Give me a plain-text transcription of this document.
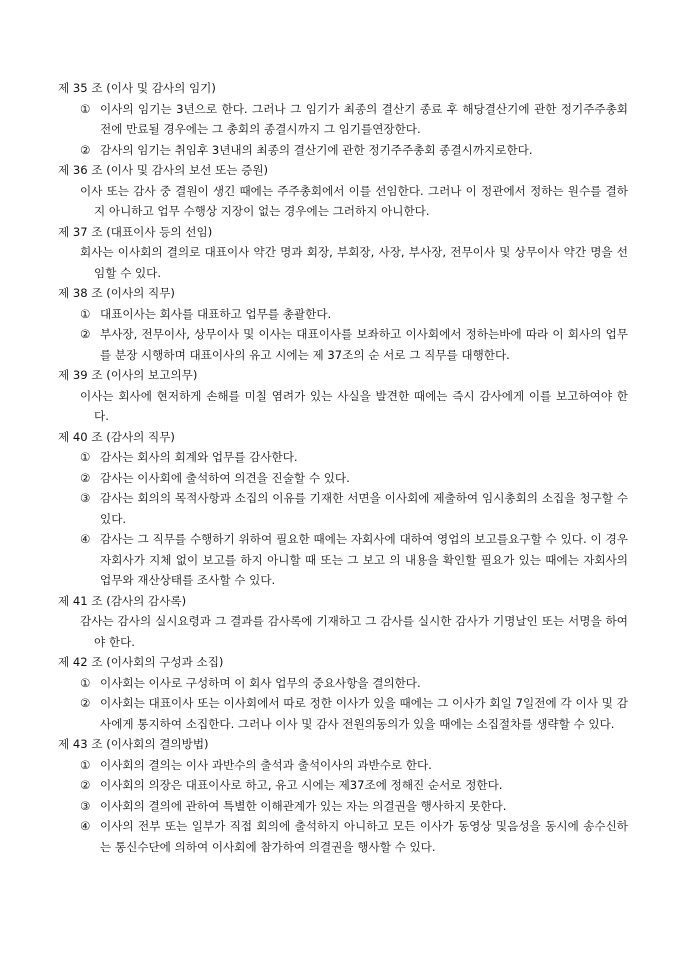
제 35 조 (이사 및 감사의 임기)
① 이사의 임기는 3년으로 한다. 그러나 그 임기가 최종의 결산기 종료 후 해당결산기에 관한 정기주주총회 전에 만료될 경우에는 그 총회의 종결시까지 그 임기를연장한다.
② 감사의 임기는 취임후 3년내의 최종의 결산기에 관한 정기주주총회 종결시까지로한다.
제 36 조 (이사 및 감사의 보선 또는 증원)
이사 또는 감사 중 결원이 생긴 때에는 주주총회에서 이를 선임한다. 그러나 이 정관에서 정하는 원수를 결하지 아니하고 업무 수행상 지장이 없는 경우에는 그러하지 아니한다.
제 37 조 (대표이사 등의 선임)
회사는 이사회의 결의로 대표이사 약간 명과 회장, 부회장, 사장, 부사장, 전무이사 및 상무이사 약간 명을 선임할 수 있다.
제 38 조 (이사의 직무)
① 대표이사는 회사를 대표하고 업무를 총괄한다.
② 부사장, 전무이사, 상무이사 및 이사는 대표이사를 보좌하고 이사회에서 정하는바에 따라 이 회사의 업무를 분장 시행하며 대표이사의 유고 시에는 제 37조의 순 서로 그 직무를 대행한다.
제 39 조 (이사의 보고의무)
이사는 회사에 현저하게 손해를 미칠 염려가 있는 사실을 발견한 때에는 즉시 감사에게 이를 보고하여야 한다.
제 40 조 (감사의 직무)
① 감사는 회사의 회계와 업무를 감사한다.
② 감사는 이사회에 출석하여 의견을 진술할 수 있다.
③ 감사는 회의의 목적사항과 소집의 이유를 기재한 서면을 이사회에 제출하여 임시총회의 소집을 청구할 수 있다.
④ 감사는 그 직무를 수행하기 위하여 필요한 때에는 자회사에 대하여 영업의 보고를요구할 수 있다. 이 경우 자회사가 지체 없이 보고를 하지 아니할 때 또는 그 보고 의 내용을 확인할 필요가 있는 때에는 자회사의 업무와 재산상태를 조사할 수 있다.
제 41 조 (감사의 감사록)
감사는 감사의 실시요령과 그 결과를 감사록에 기재하고 그 감사를 실시한 감사가 기명날인 또는 서명을 하여야 한다.
제 42 조 (이사회의 구성과 소집)
① 이사회는 이사로 구성하며 이 회사 업무의 중요사항을 결의한다.
② 이사회는 대표이사 또는 이사회에서 따로 정한 이사가 있을 때에는 그 이사가 회일 7일전에 각 이사 및 감사에게 통지하여 소집한다. 그러나 이사 및 감사 전원의동의가 있을 때에는 소집절차를 생략할 수 있다.
제 43 조 (이사회의 결의방법)
① 이사회의 결의는 이사 과반수의 출석과 출석이사의 과반수로 한다.
② 이사회의 의장은 대표이사로 하고, 유고 시에는 제37조에 정해진 순서로 정한다.
③ 이사회의 결의에 관하여 특별한 이해관계가 있는 자는 의결권을 행사하지 못한다.
④ 이사의 전부 또는 일부가 직접 회의에 출석하지 아니하고 모든 이사가 동영상 및음성을 동시에 송수신하는 통신수단에 의하여 이사회에 참가하여 의결권을 행사할 수 있다.
